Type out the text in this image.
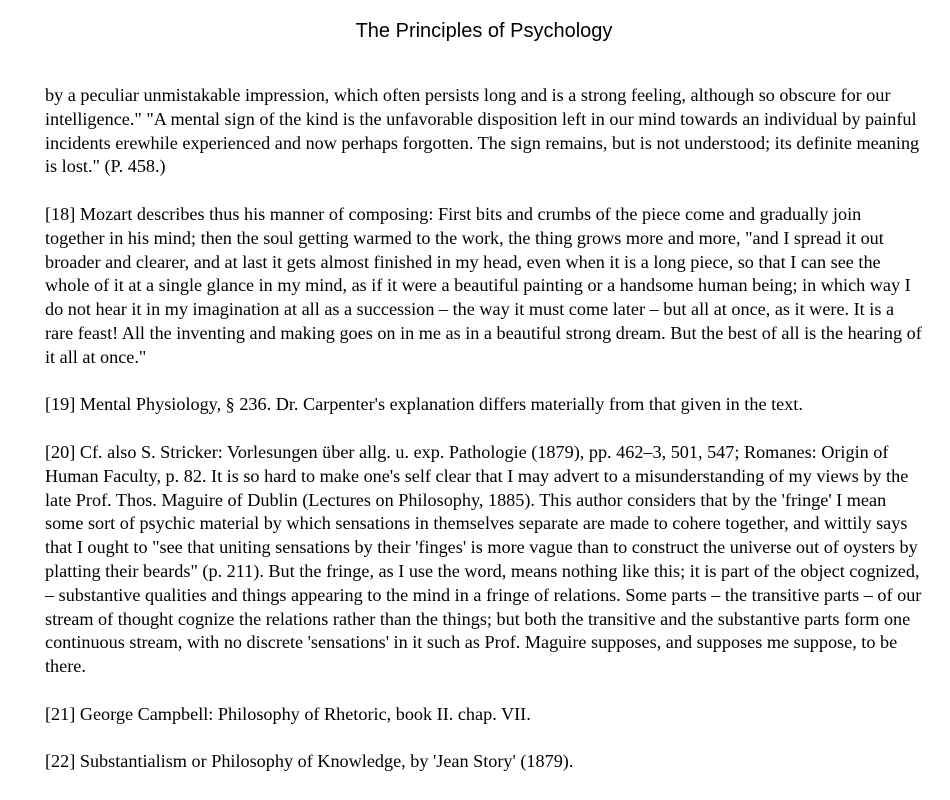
The Principles of Psychology

by a peculiar unmistakable impression, which often persists long and is a strong feeling, although so obscure for our intelligence." "A mental sign of the kind is the unfavorable disposition left in our mind towards an individual by painful incidents erewhile experienced and now perhaps forgotten. The sign remains, but is not understood; its definite meaning is lost." (P. 458.)

[18] Mozart describes thus his manner of composing: First bits and crumbs of the piece come and gradually join together in his mind; then the soul getting warmed to the work, the thing grows more and more, "and I spread it out broader and clearer, and at last it gets almost finished in my head, even when it is a long piece, so that I can see the whole of it at a single glance in my mind, as if it were a beautiful painting or a handsome human being; in which way I do not hear it in my imagination at all as a succession – the way it must come later – but all at once, as it were. It is a rare feast! All the inventing and making goes on in me as in a beautiful strong dream. But the best of all is the hearing of it all at once."

[19] Mental Physiology, § 236. Dr. Carpenter's explanation differs materially from that given in the text.

[20] Cf. also S. Stricker: Vorlesungen über allg. u. exp. Pathologie (1879), pp. 462–3, 501, 547; Romanes: Origin of Human Faculty, p. 82. It is so hard to make one's self clear that I may advert to a misunderstanding of my views by the late Prof. Thos. Maguire of Dublin (Lectures on Philosophy, 1885). This author considers that by the 'fringe' I mean some sort of psychic material by which sensations in themselves separate are made to cohere together, and wittily says that I ought to "see that uniting sensations by their 'finges' is more vague than to construct the universe out of oysters by platting their beards" (p. 211). But the fringe, as I use the word, means nothing like this; it is part of the object cognized, – substantive qualities and things appearing to the mind in a fringe of relations. Some parts – the transitive parts – of our stream of thought cognize the relations rather than the things; but both the transitive and the substantive parts form one continuous stream, with no discrete 'sensations' in it such as Prof. Maguire supposes, and supposes me suppose, to be there.

[21] George Campbell: Philosophy of Rhetoric, book II. chap. VII.

[22] Substantialism or Philosophy of Knowledge, by 'Jean Story' (1879).
